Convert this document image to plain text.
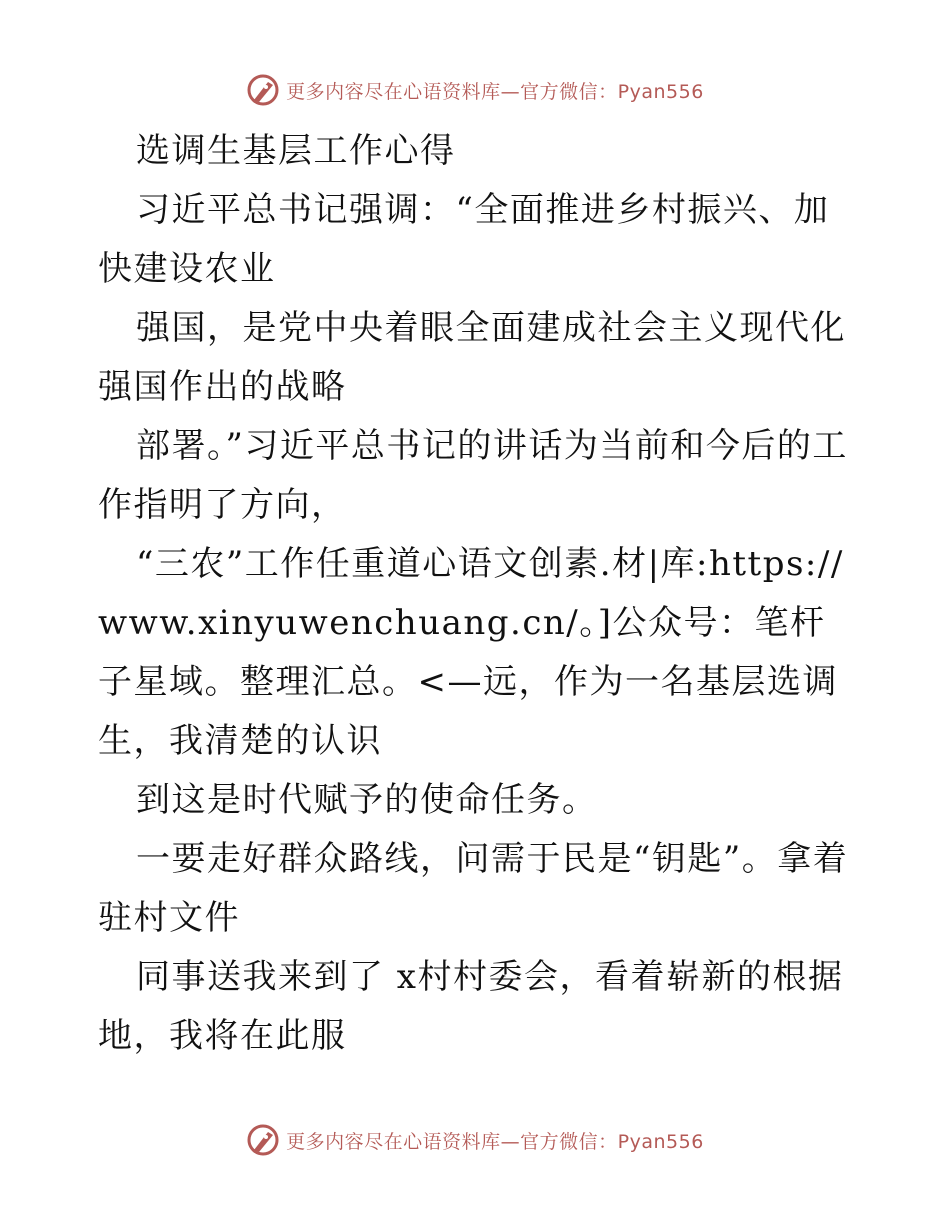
更多内容尽在心语资料库—官方微信：Pyan556

选调生基层工作心得

习近平总书记强调：“全面推进乡村振兴、加快建设农业

强国，是党中央着眼全面建成社会主义现代化强国作出的战略

部署。”习近平总书记的讲话为当前和今后的工作指明了方向，

“三农”工作任重道心语文创素.材|库:https://www.xinyuwenchuang.cn/。]公众号：笔杆子星域。整理汇总。<—远，作为一名基层选调生，我清楚的认识

到这是时代赋予的使命任务。

一要走好群众路线，问需于民是“钥匙”。拿着驻村文件

同事送我来到了 x村村委会，看着崭新的根据地，我将在此服

更多内容尽在心语资料库—官方微信：Pyan556
